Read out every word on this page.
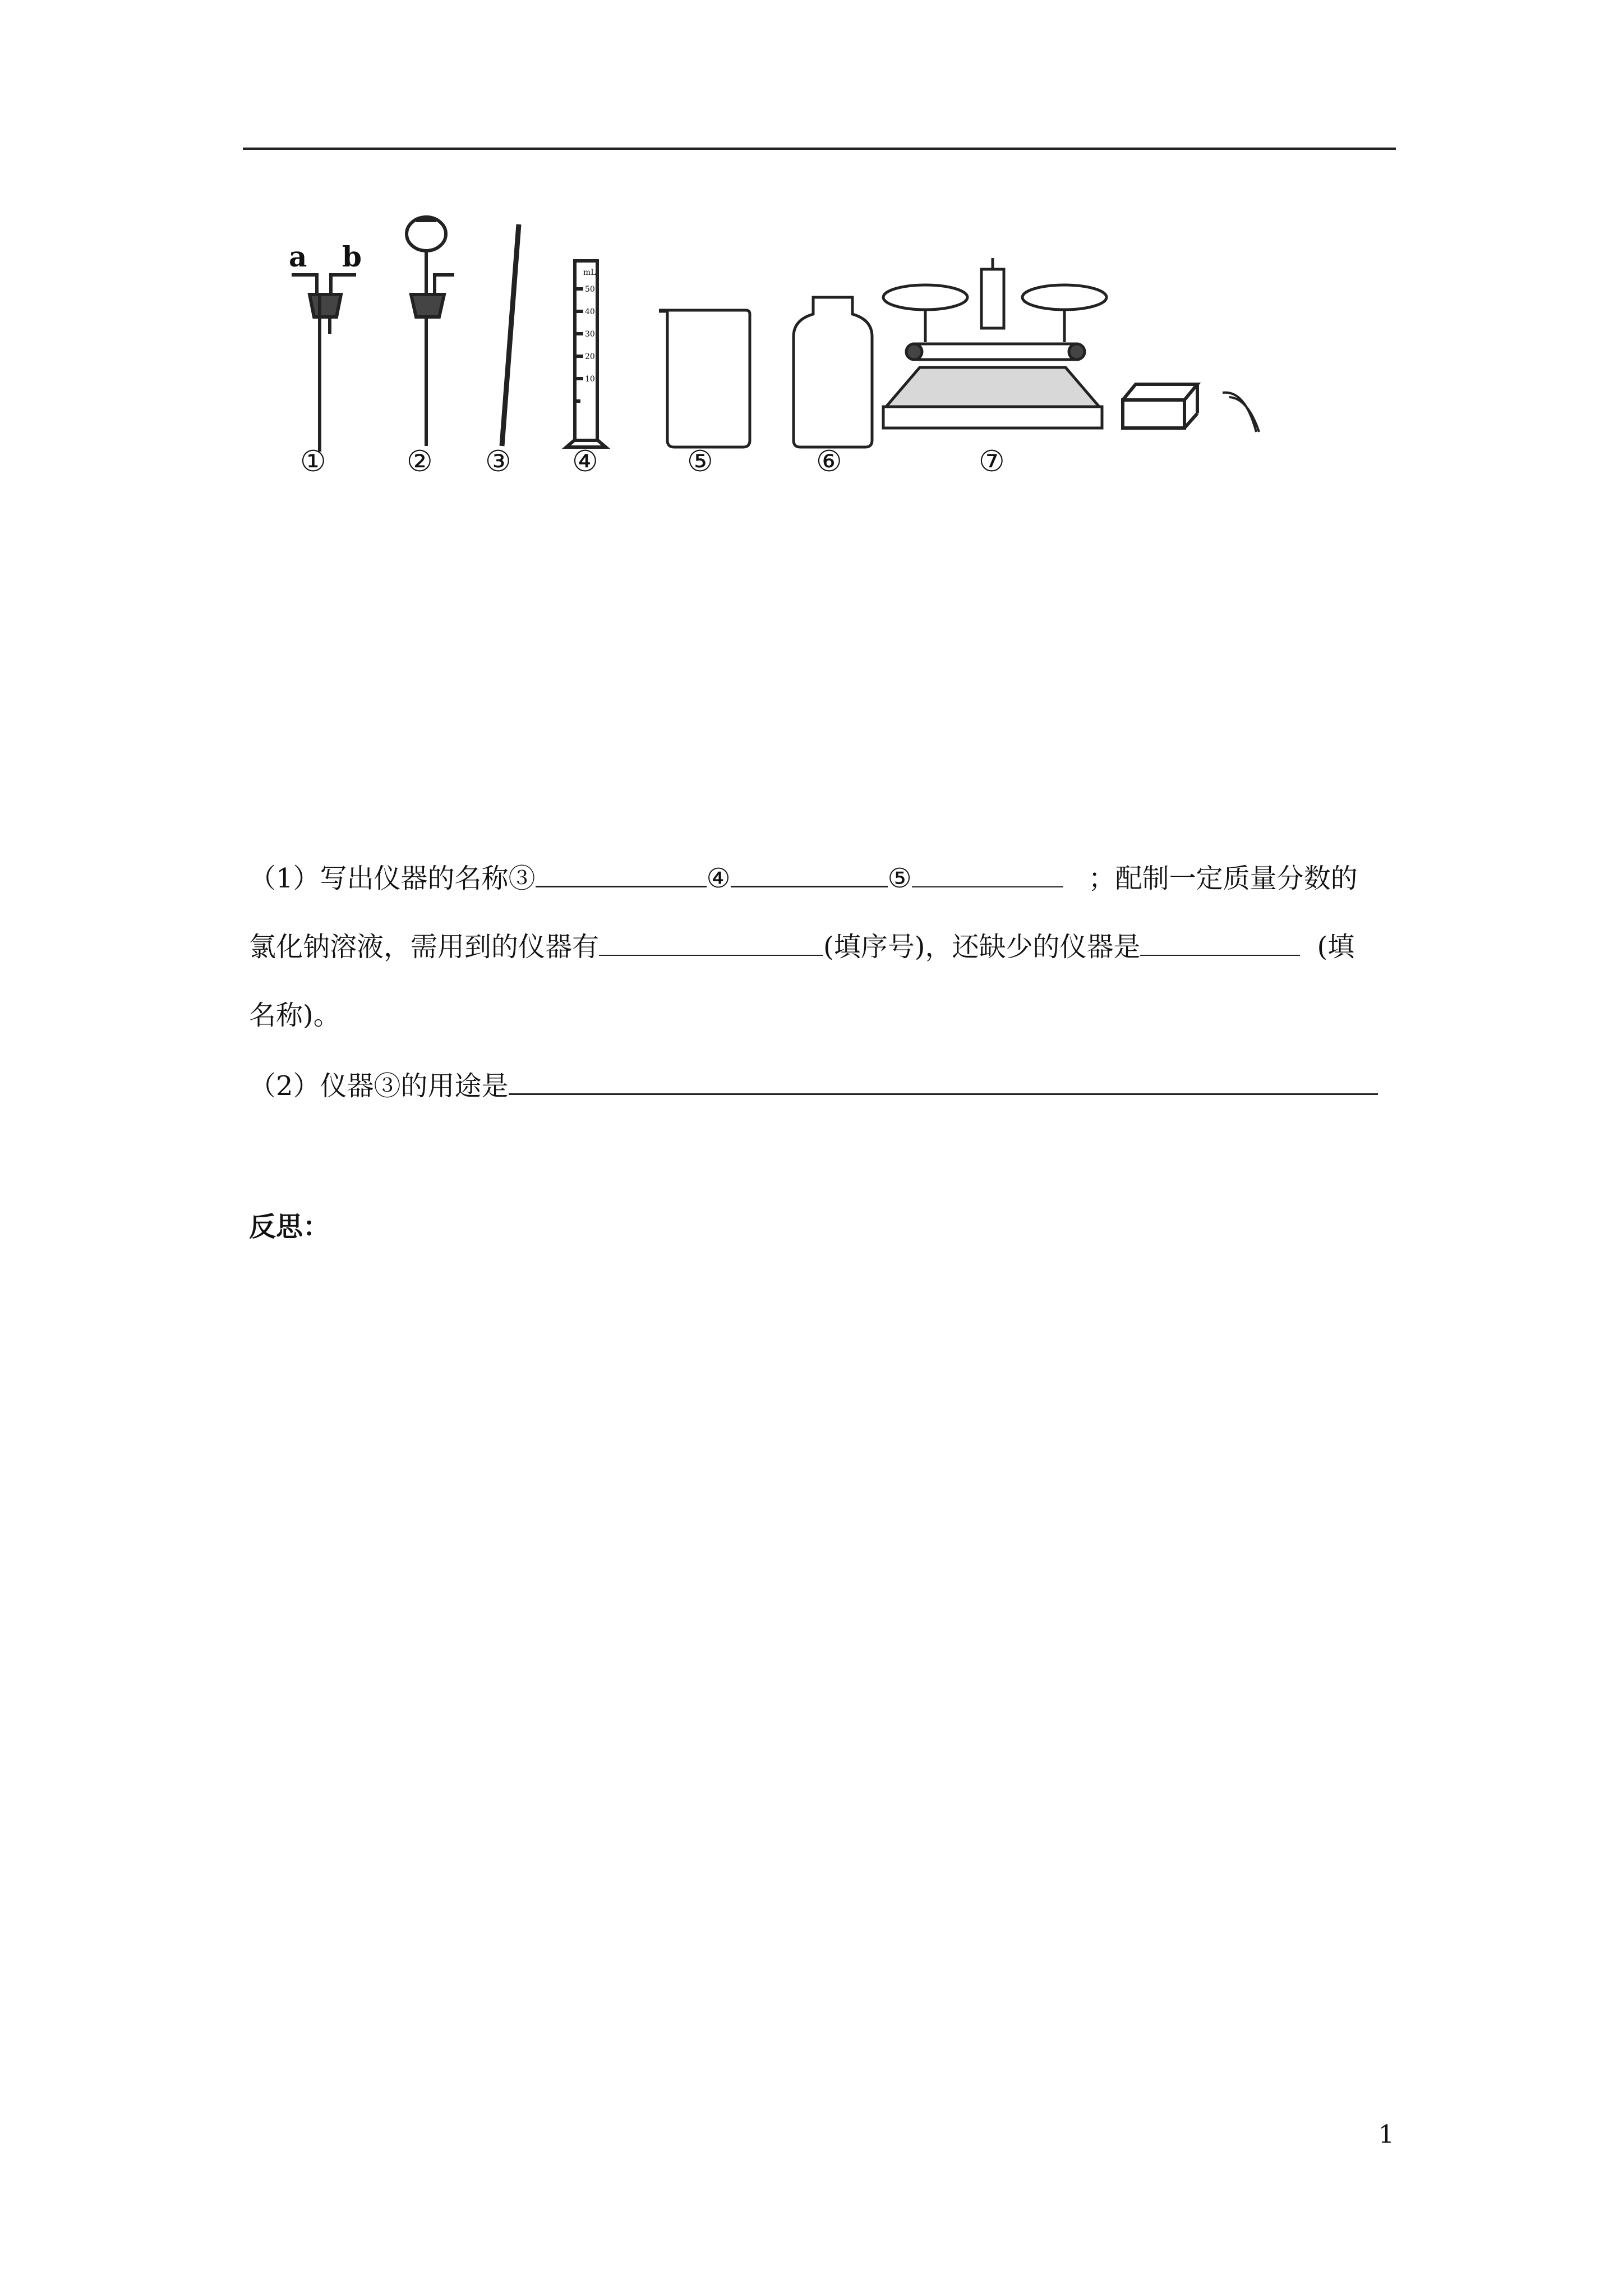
a b	mL
50
40
30
20
10
①	② ③ ④	⑤	⑥	⑦
（1）写出仪器的名称③	④	⑤	；配制一定质量分数的
氯化钠溶液，需用到的仪器有	(填序号)，还缺少的仪器是	(填
名称)。
（2）仪器③的用途是
反思：
1
